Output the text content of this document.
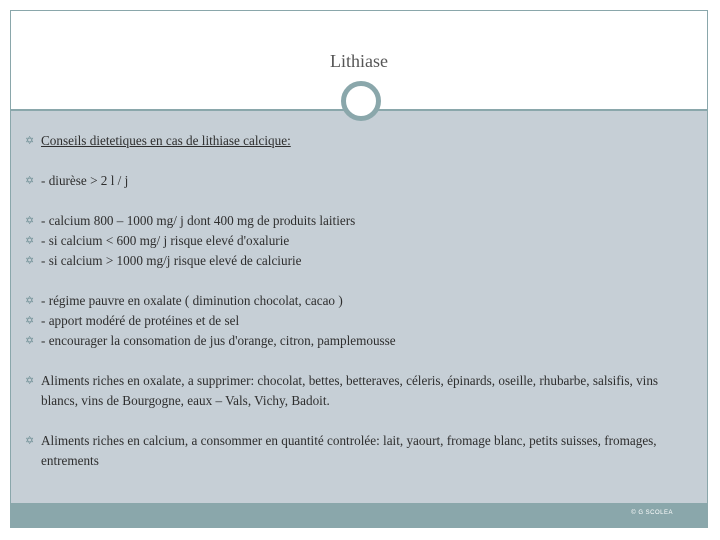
Lithiase
✡ Conseils dietetiques en cas de lithiase calcique:
✡ - diurèse > 2 l / j
✡ - calcium 800 – 1000 mg/ j dont 400 mg de produits laitiers
✡ - si calcium < 600 mg/ j risque elevé d'oxalurie
✡ - si calcium > 1000 mg/j risque elevé de calciurie
✡ - régime pauvre en oxalate ( diminution chocolat, cacao )
✡ - apport modéré de protéines et de sel
✡ - encourager la consomation de jus d'orange, citron, pamplemousse
✡ Aliments riches en oxalate, a supprimer: chocolat, bettes, betteraves, céleris, épinards, oseille, rhubarbe, salsifis, vins blancs, vins de Bourgogne, eaux – Vals, Vichy, Badoit.
✡ Aliments riches en calcium, a consommer en quantité controlée: lait, yaourt, fromage blanc, petits suisses, fromages, entrements
© G SCOLEA
